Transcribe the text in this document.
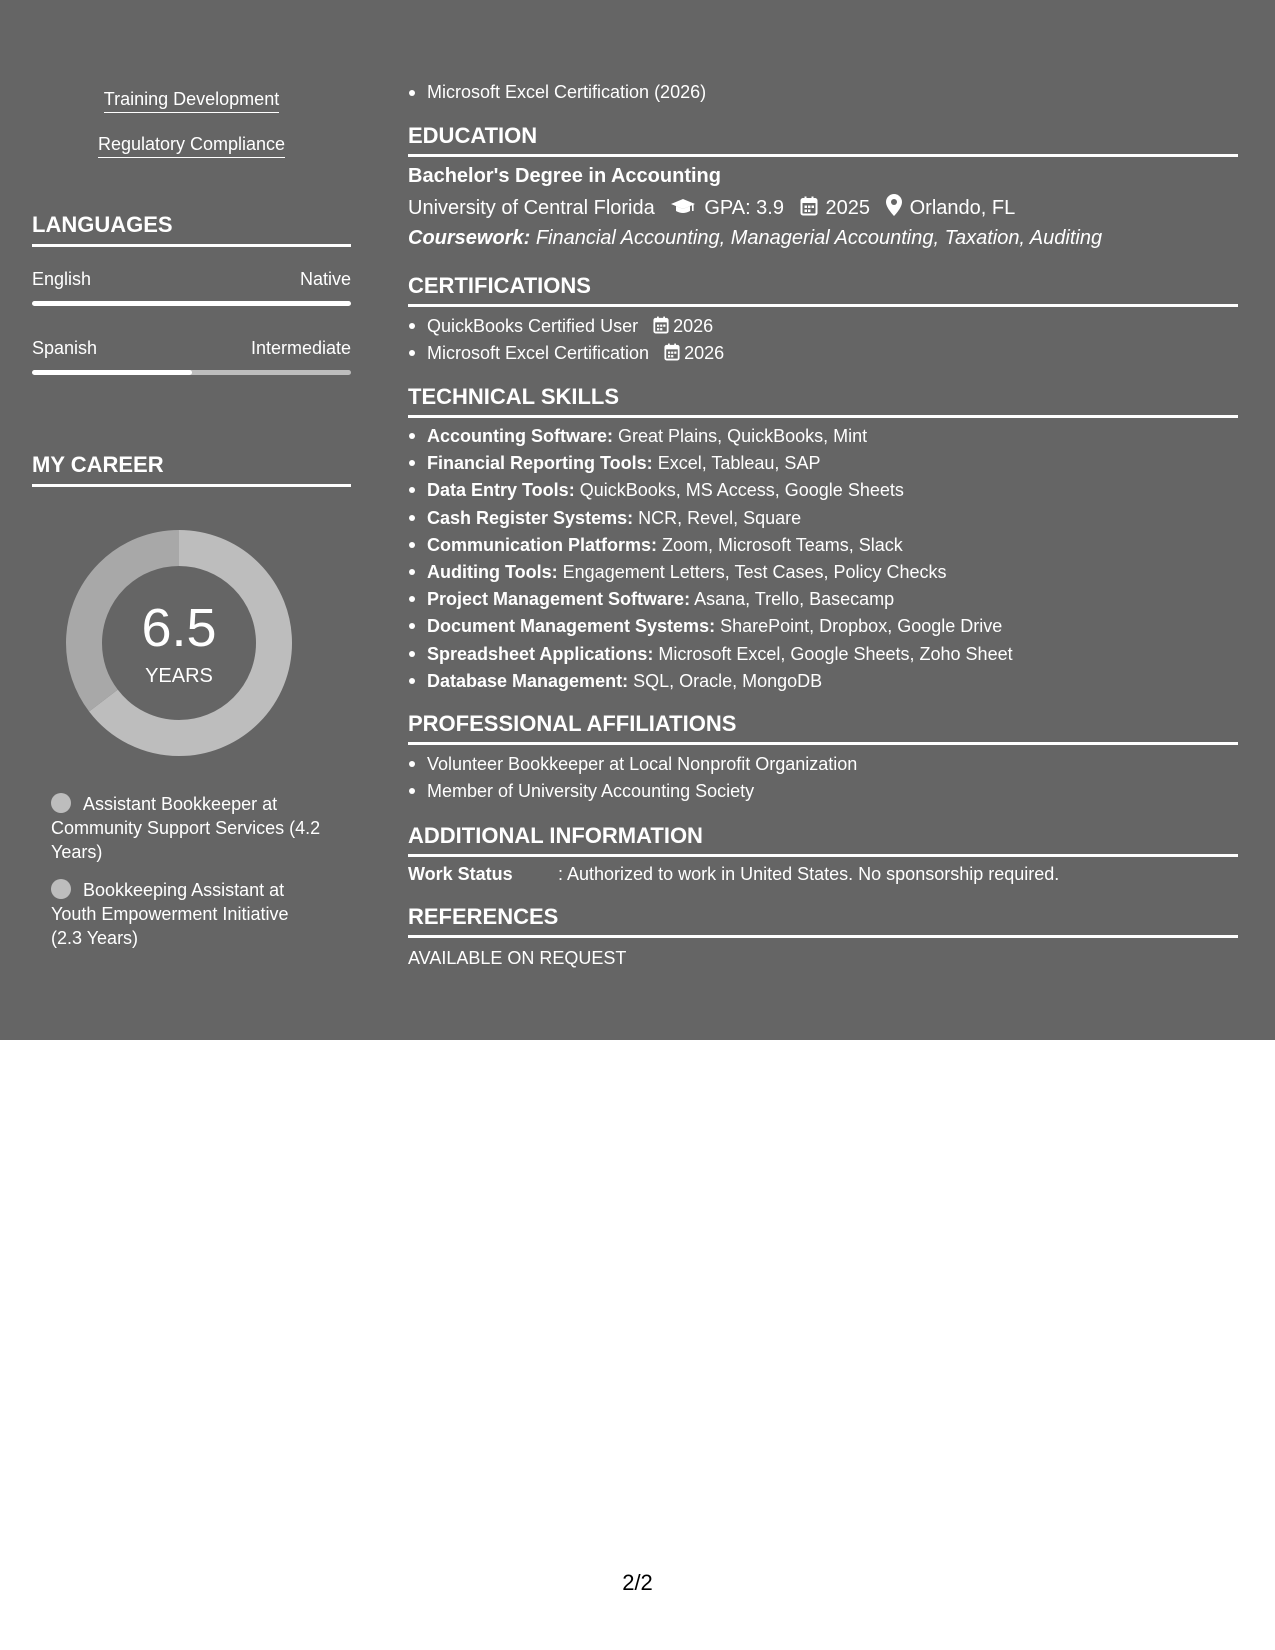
Training Development
Regulatory Compliance
LANGUAGES
English	Native
Spanish	Intermediate
MY CAREER
6.5
YEARS
Assistant Bookkeeper at Community Support Services (4.2 Years)
Bookkeeping Assistant at Youth Empowerment Initiative (2.3 Years)
Microsoft Excel Certification (2026)
EDUCATION
Bachelor's Degree in Accounting
University of Central Florida GPA: 3.9 2025 Orlando, FL
Coursework: Financial Accounting, Managerial Accounting, Taxation, Auditing
CERTIFICATIONS
QuickBooks Certified User 2026
Microsoft Excel Certification 2026
TECHNICAL SKILLS
Accounting Software: Great Plains, QuickBooks, Mint
Financial Reporting Tools: Excel, Tableau, SAP
Data Entry Tools: QuickBooks, MS Access, Google Sheets
Cash Register Systems: NCR, Revel, Square
Communication Platforms: Zoom, Microsoft Teams, Slack
Auditing Tools: Engagement Letters, Test Cases, Policy Checks
Project Management Software: Asana, Trello, Basecamp
Document Management Systems: SharePoint, Dropbox, Google Drive
Spreadsheet Applications: Microsoft Excel, Google Sheets, Zoho Sheet
Database Management: SQL, Oracle, MongoDB
PROFESSIONAL AFFILIATIONS
Volunteer Bookkeeper at Local Nonprofit Organization
Member of University Accounting Society
ADDITIONAL INFORMATION
Work Status	: Authorized to work in United States. No sponsorship required.
REFERENCES
AVAILABLE ON REQUEST
2/2
